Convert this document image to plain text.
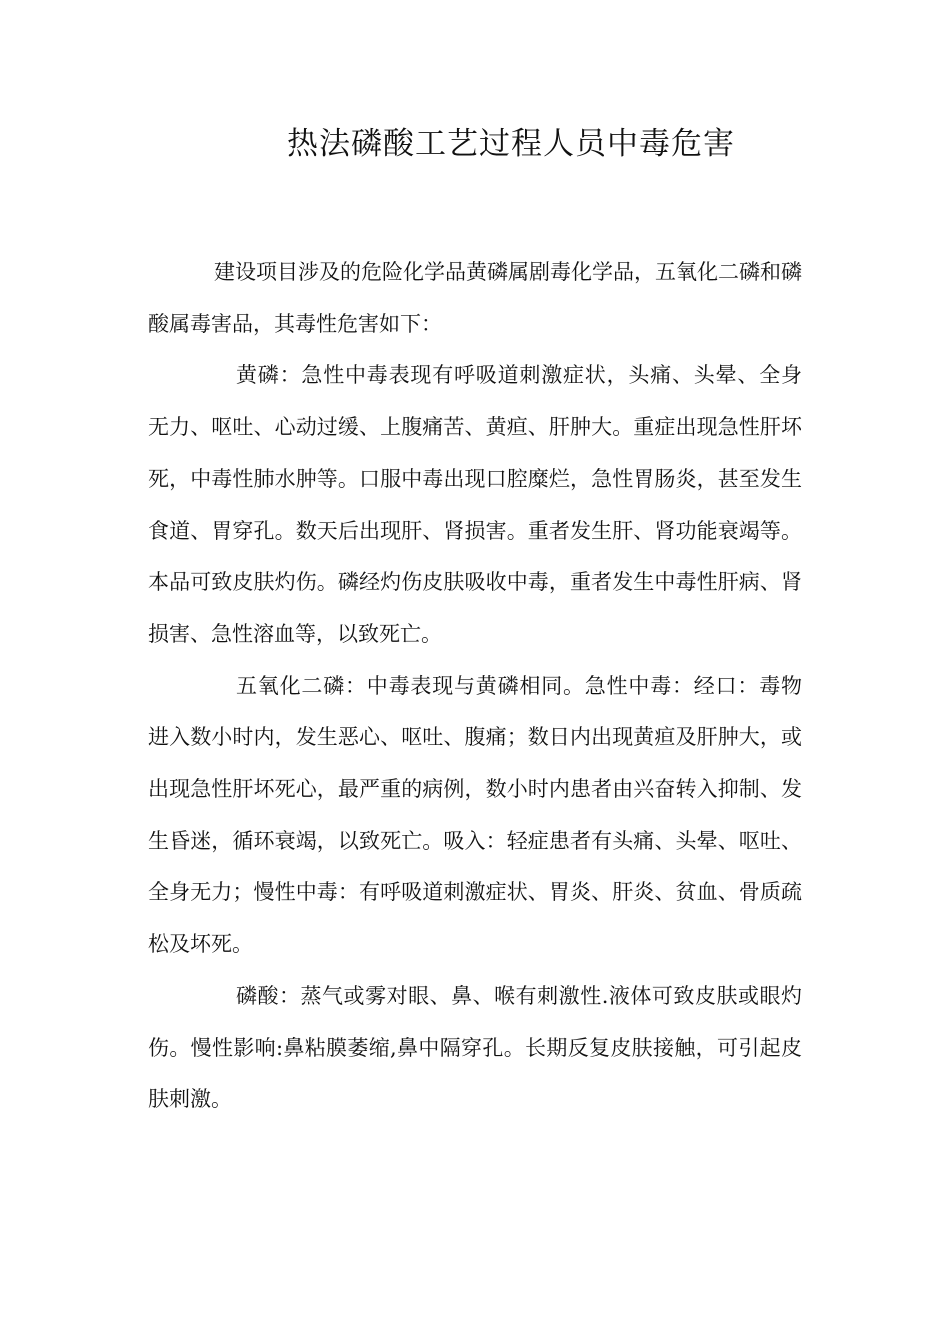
热法磷酸工艺过程人员中毒危害

建设项目涉及的危险化学品黄磷属剧毒化学品，五氧化二磷和磷酸属毒害品，其毒性危害如下：

黄磷：急性中毒表现有呼吸道刺激症状，头痛、头晕、全身无力、呕吐、心动过缓、上腹痛苦、黄疸、肝肿大。重症出现急性肝坏死，中毒性肺水肿等。口服中毒出现口腔糜烂，急性胃肠炎，甚至发生食道、胃穿孔。数天后出现肝、肾损害。重者发生肝、肾功能衰竭等。本品可致皮肤灼伤。磷经灼伤皮肤吸收中毒，重者发生中毒性肝病、肾损害、急性溶血等，以致死亡。

五氧化二磷：中毒表现与黄磷相同。急性中毒：经口：毒物进入数小时内，发生恶心、呕吐、腹痛；数日内出现黄疸及肝肿大，或出现急性肝坏死心，最严重的病例，数小时内患者由兴奋转入抑制、发生昏迷，循环衰竭，以致死亡。吸入：轻症患者有头痛、头晕、呕吐、全身无力；慢性中毒：有呼吸道刺激症状、胃炎、肝炎、贫血、骨质疏松及坏死。

磷酸：蒸气或雾对眼、鼻、喉有刺激性.液体可致皮肤或眼灼伤。慢性影响:鼻粘膜萎缩,鼻中隔穿孔。长期反复皮肤接触，可引起皮肤刺激。
